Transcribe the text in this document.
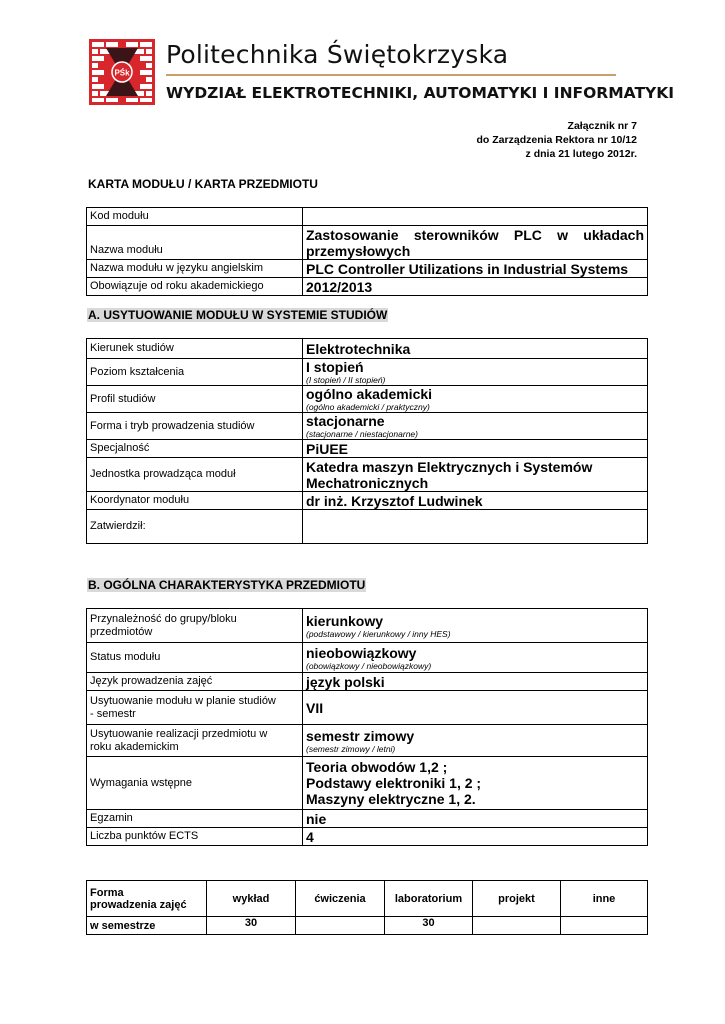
PŚk
Politechnika Świętokrzyska
WYDZIAŁ ELEKTROTECHNIKI, AUTOMATYKI I INFORMATYKI
Załącznik nr 7
do Zarządzenia Rektora nr 10/12
z dnia 21 lutego 2012r.
KARTA MODUŁU / KARTA PRZEDMIOTU
Kod modułu	
Nazwa modułu	Zastosowanie sterowników PLC w układach
przemysłowych

Nazwa modułu w języku angielskim	PLC Controller Utilizations in Industrial Systems
Obowiązuje od roku akademickiego	2012/2013
A. USYTUOWANIE MODUŁU W SYSTEMIE STUDIÓW
Kierunek studiów	Elektrotechnika

Poziom kształcenia	I stopień
(I stopień / II stopień)

Profil studiów	ogólno akademicki
(ogólno akademicki / praktyczny)

Forma i tryb prowadzenia studiów	stacjonarne
(stacjonarne / niestacjonarne)

Specjalność	PiUEE

Jednostka prowadząca moduł	Katedra maszyn Elektrycznych i Systemów
Mechatronicznych

Koordynator modułu	dr inż. Krzysztof Ludwinek

Zatwierdził:	
B. OGÓLNA CHARAKTERYSTYKA PRZEDMIOTU
Przynależność do grupy/bloku
przedmiotów	kierunkowy
(podstawowy / kierunkowy / inny HES)

Status modułu	nieobowiązkowy
(obowiązkowy / nieobowiązkowy)

Język prowadzenia zajęć	język polski

Usytuowanie modułu w planie studiów
- semestr	VII

Usytuowanie realizacji przedmiotu w
roku akademickim	semestr zimowy
(semestr zimowy / letni)

Wymagania wstępne	Teoria obwodów 1,2 ;
Podstawy elektroniki 1, 2 ;
Maszyny elektryczne 1, 2.

Egzamin	nie

Liczba punktów ECTS	4
Forma
prowadzenia zajęć	wykład	ćwiczenia	laboratorium	projekt	inne
w semestrze	30		30		
